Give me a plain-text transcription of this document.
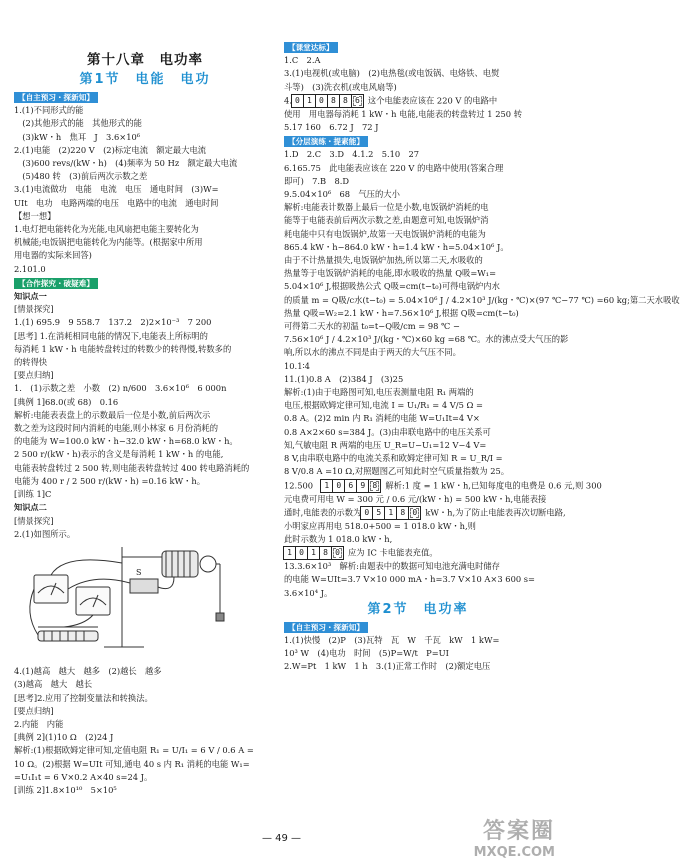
第十八章　电功率
第1节　电能　电功
【自主预习・探新知】
1.(1)不同形式的能
　(2)其他形式的能　其他形式的能
　(3)kW・h　焦耳　J　3.6×10⁶
2.(1)电能　(2)220 V　(2)标定电流　额定最大电流
　(3)600 revs/(kW・h)　(4)频率为 50 Hz　额定最大电流
　(5)480 转　(3)前后两次示数之差
3.(1)电流做功　电能　电流　电压　通电时间　(3)W=
UIt　电功　电路两端的电压　电路中的电流　通电时间
【想一想】
1.电灯把电能转化为光能,电风扇把电能主要转化为
机械能;电饭锅把电能转化为内能等。(根据家中所用
用电器的实际来回答)
2.101.0
【合作探究・破疑难】
知识点一
[情景探究]
1.(1) 695.9　9 558.7　137.2　2)2×10⁻³　7 200
[思考] 1.在消耗相同电能的情况下,电能表上所标明的
每消耗 1 kW・h 电能转盘转过的转数少的转得慢,转数多的
的转得快
[要点归纳]
1.　(1)示数之差　小数　(2) n/600　3.6×10⁶　6 000n
[典例 1]68.0(或 68)　0.16
解析:电能表表盘上的示数最后一位是小数,前后两次示
数之差为这段时间内消耗的电能,则小林家 6 月份消耗的
的电能为 W=100.0 kW・h−32.0 kW・h=68.0 kW・h。
2 500 r/(kW・h)表示的含义是每消耗 1 kW・h 的电能,
电能表转盘转过 2 500 转,则电能表转盘转过 400 转电路消耗的
电能为 400 r / 2 500 r/(kW・h) =0.16 kW・h。
[训练 1]C
知识点二
[情景探究]
2.(1)如图所示。
S
4.(1)越高　越大　越多　(2)越长　越多
(3)越高　越大　越长
[思考]2.应用了控制变量法和转换法。
[要点归纳]
2.内能　内能
[典例 2](1)10 Ω　(2)24 J
解析:(1)根据欧姆定律可知,定值电阻 R₁ = U/I₁ = 6 V / 0.6 A =
10 Ω。(2)根据 W=UIt 可知,通电 40 s 内 R₁ 消耗的电能 W₁=
=U₁I₁t = 6 V×0.2 A×40 s=24 J。
[训练 2]1.8×10¹⁰　5×10⁵
【课堂达标】
1.C　2.A
3.(1)电视机(或电脑)　(2)电热毯(或电饭锅、电烙铁、电熨
斗等)　(3)洗衣机(或电风扇等)
4. 0 1 0 8 8 6 这个电能表应该在 220 V 的电路中
使用　用电器每消耗 1 kW・h 电能,电能表的转盘转过 1 250 转
5.17 160　6.72 J　72 J
【分层演练・提素能】
1.D　2.C　3.D　4.1.2　5.10　27
6.165.75　此电能表应该在 220 V 的电路中使用(答案合理
即可)　7.B　8.D
9.5.04×10⁶　68　气压的大小
解析:电能表计数器上最后一位是小数,电饭锅炉消耗的电
能等于电能表前后两次示数之差,由题意可知,电饭锅炉消
耗电能中只有电饭锅炉,故第一天电饭锅炉消耗的电能为
865.4 kW・h−864.0 kW・h=1.4 kW・h=5.04×10⁶ J。
由于不计热量损失,电饭锅炉加热,所以第二天,水吸收的
热量等于电饭锅炉消耗的电能,即水吸收的热量 Q吸=W₁=
5.04×10⁶ J,根据吸热公式 Q吸=cm(t−t₀)可得电锅炉内水
的质量 m = Q吸/c水(t−t₀) = 5.04×10⁶ J / 4.2×10³ J/(kg・℃)×(97 ℃−77 ℃) =60 kg;第二天水吸收
热量 Q吸=W₂=2.1 kW・h=7.56×10⁶ J,根据 Q吸=cm(t−t₀)
可得第二天水的初温 t₀=t−Q吸/cm = 98 ℃ −
7.56×10⁶ J / 4.2×10³ J/(kg・℃)×60 kg =68 ℃。水的沸点受大气压的影
响,所以水的沸点不同是由于两天的大气压不同。
10.1∶4
11.(1)0.8 A　(2)384 J　(3)25
解析:(1)由于电路图可知,电压表测量电阻 R₁ 两端的
电压,根据欧姆定律可知,电流 I = U₁/R₁ = 4 V/5 Ω =
0.8 A。(2)2 min 内 R₁ 消耗的电能 W=U₁It=4 V×
0.8 A×2×60 s=384 J。(3)由串联电路中的电压关系可
知,气敏电阻 R 两端的电压 U_R=U−U₁=12 V−4 V=
8 V,由串联电路中的电流关系和欧姆定律可知 R = U_R/I =
8 V/0.8 A =10 Ω,对照题图乙可知此时空气质量指数为 25。
12.500　	1 0 6 9 8 解析:1 度 = 1 kW・h,已知每度电的电费是 0.6 元,则 300
元电费可用电 W = 300 元 / 0.6 元/(kW・h) = 500 kW・h,电能表接
通时,电能表的示数为 0 5 1 8 0 kW・h,为了防止电能表再次切断电路,
小明家应再用电 518.0+500 = 1 018.0 kW・h,则
此时示数为 1 018.0 kW・h,
1 0 1 8 0 应为 IC 卡电能表充值。
13.3.6×10³　解析:由题表中的数据可知电池充满电时储存
的电能 W=UIt=3.7 V×10 000 mA・h=3.7 V×10 A×3 600 s=
3.6×10⁴ J。
第2节　电功率
【自主预习・探新知】
1.(1)快慢　(2)P　(3)瓦特　瓦　W　千瓦　kW　1 kW=
10³ W　(4)电功　时间　(5)P=W/t　P=UI
2.W=Pt　1 kW　1 h　3.(1)正常工作时　(2)额定电压
— 49 —	答案圈
MXQE.COM
